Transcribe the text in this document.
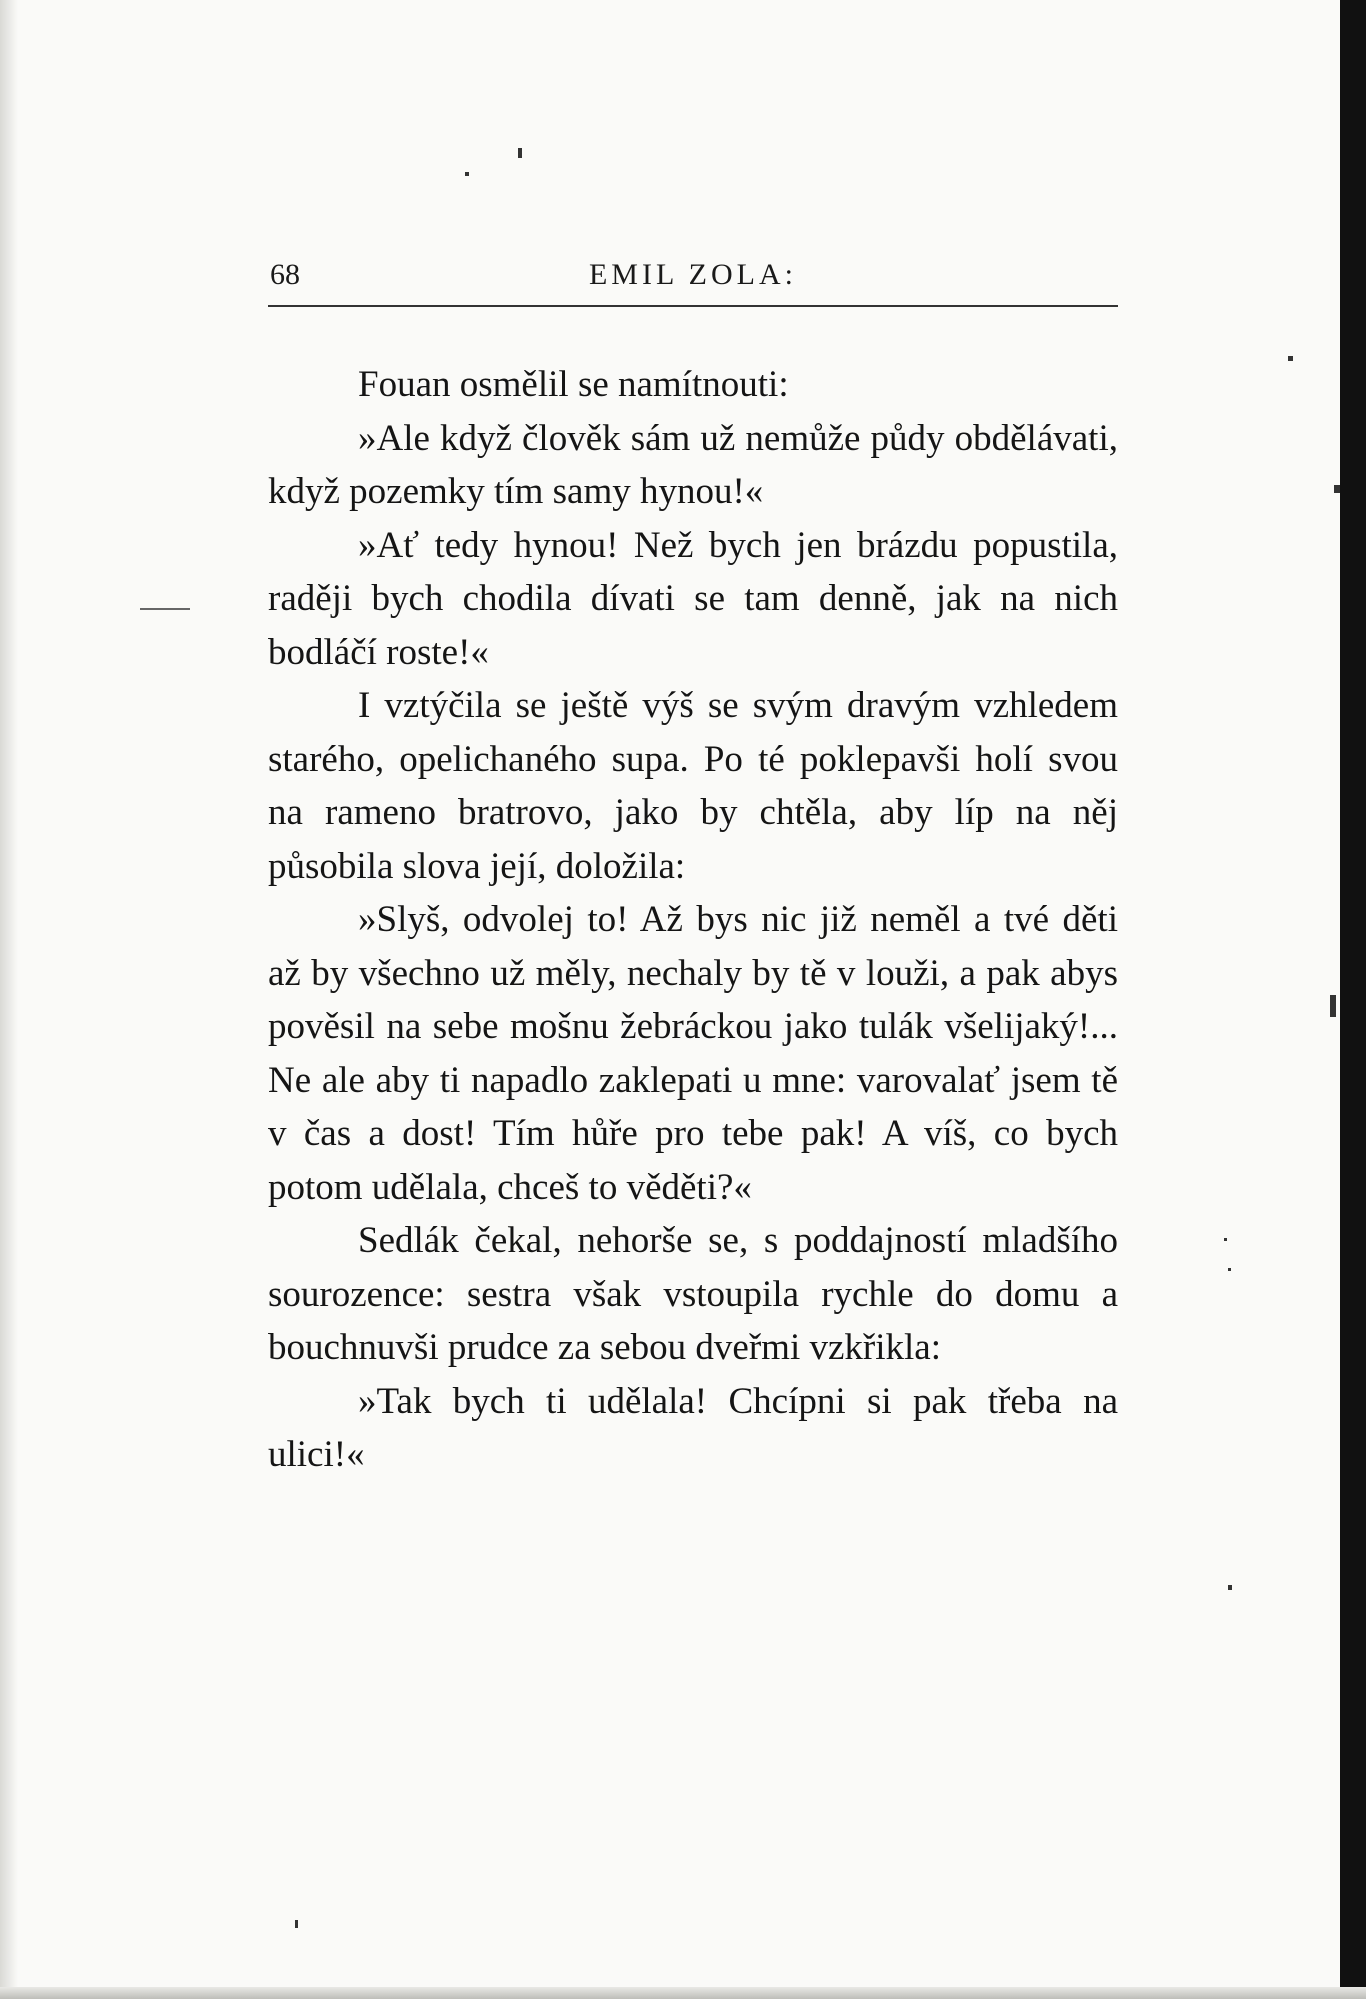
68	EMIL ZOLA:

Fouan osmělil se namítnouti:

»Ale když člověk sám už nemůže půdy obdělávati, když pozemky tím samy hynou!«

»Ať tedy hynou! Než bych jen brázdu popustila, raději bych chodila dívati se tam denně, jak na nich bodláčí roste!«

I vztýčila se ještě výš se svým dravým vzhledem starého, opelichaného supa. Po té poklepavši holí svou na rameno bratrovo, jako by chtěla, aby líp na něj působila slova její, doložila:

»Slyš, odvolej to! Až bys nic již neměl a tvé děti až by všechno už měly, nechaly by tě v louži, a pak abys pověsil na sebe mošnu žebráckou jako tulák všelijaký!... Ne ale aby ti napadlo zaklepati u mne: varovalať jsem tě v čas a dost! Tím hůře pro tebe pak! A víš, co bych potom udělala, chceš to věděti?«

Sedlák čekal, nehorše se, s poddajností mladšího sourozence: sestra však vstoupila rychle do domu a bouchnuvši prudce za sebou dveřmi vzkřikla:

»Tak bych ti udělala! Chcípni si pak třeba na ulici!«
